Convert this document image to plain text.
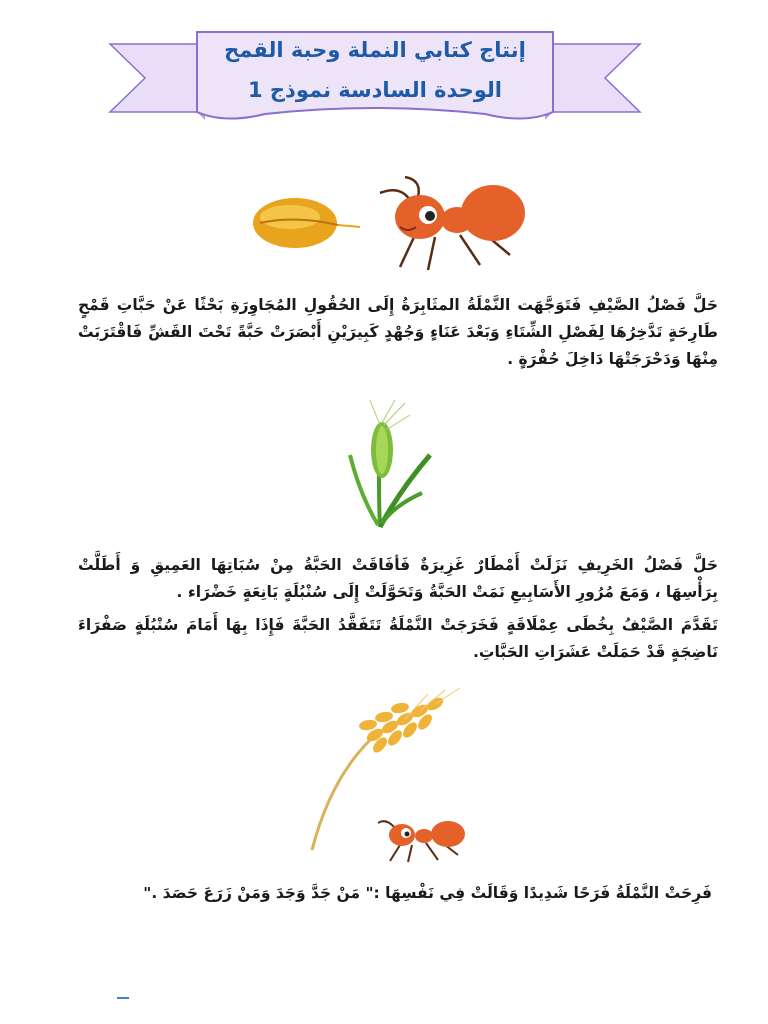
إنتاج كتابي النملة وحبة القمح
الوحدة السادسة نموذج 1
حَلَّ فَصْلُ الصَّيْفِ فَتَوَجَّهَت النَّمْلَةُ المثَابِرَةُ إِلَى الحُقُولِ المُجَاوِرَةِ بَحْثًا عَنْ حَبَّاتِ قَمْحٍ طَارِحَةٍ تَدَّخِرُهَا لِفَصْلِ الشِّتَاءِ وَبَعْدَ عَنَاءٍ وَجُهْدٍ كَبِيرَيْنِ أَبْصَرَتْ حَبَّةً تَحْتَ القَشِّ فَاقْتَرَبَتْ مِنْهَا وَدَحْرَجَتْهَا دَاخِلَ حُفْرَةٍ .
حَلَّ فَصْلُ الخَرِيفِ نَزَلَتْ أَمْطَارٌ غَزِيرَةٌ فَأفَاقَتْ الحَبَّةُ مِنْ سُبَاتِهَا العَمِيقِ وَ أَطَلَّتْ بِرَأْسِهَا ، وَمَعَ مُرُورِ الأَسَابِيعِ نَمَتْ الحَبَّةُ وَتَحَوَّلَتْ إِلَى سُنْبُلَةٍ يَانِعَةٍ خَضْرَاء .
تَقَدَّمَ الصَّيْفُ بِخُطَى عِمْلَاقَةٍ فَخَرَجَتْ النَّمْلَةُ تَتَفَقَّدُ الحَبَّةَ فَإِذَا بِهَا أَمَامَ سُنْبُلَةٍ صَفْرَاءَ نَاضِجَةٍ قَدْ حَمَلَتْ عَشَرَاتِ الحَبَّاتِ.
فَرِحَتْ النَّمْلَةُ فَرَحًا شَدِيدًا وَقَالَتْ فِي نَفْسِهَا :" مَنْ جَدَّ وَجَدَ وَمَنْ زَرَعَ حَصَدَ ."
